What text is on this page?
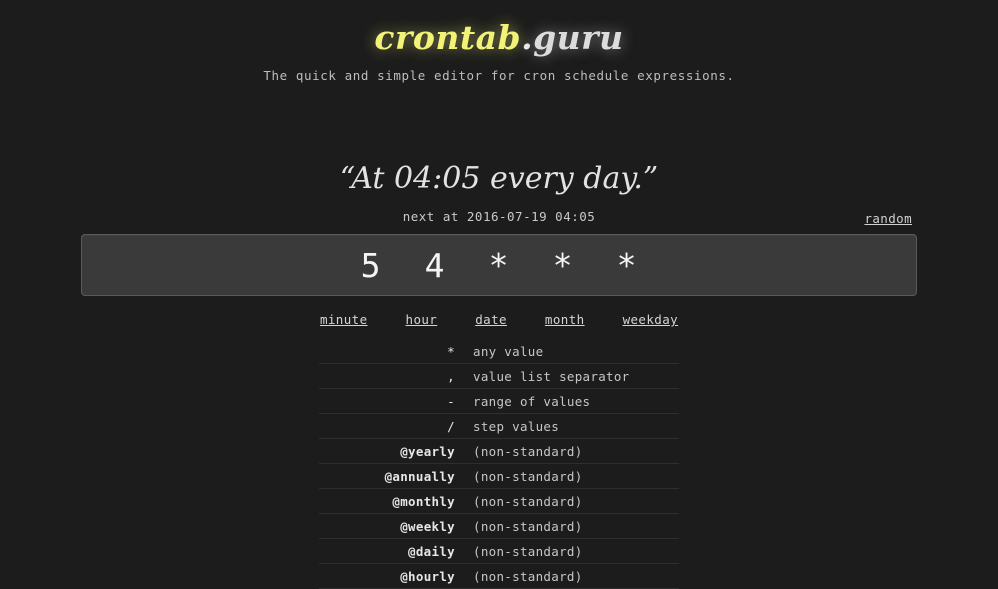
crontab.guru
The quick and simple editor for cron schedule expressions.
“At 04:05 every day.”
next at 2016-07-19 04:05	random
5 4 * * *
minute	hour	date	month	weekday
*	any value
,	value list separator
-	range of values
/	step values
@yearly	(non-standard)
@annually	(non-standard)
@monthly	(non-standard)
@weekly	(non-standard)
@daily	(non-standard)
@hourly	(non-standard)
